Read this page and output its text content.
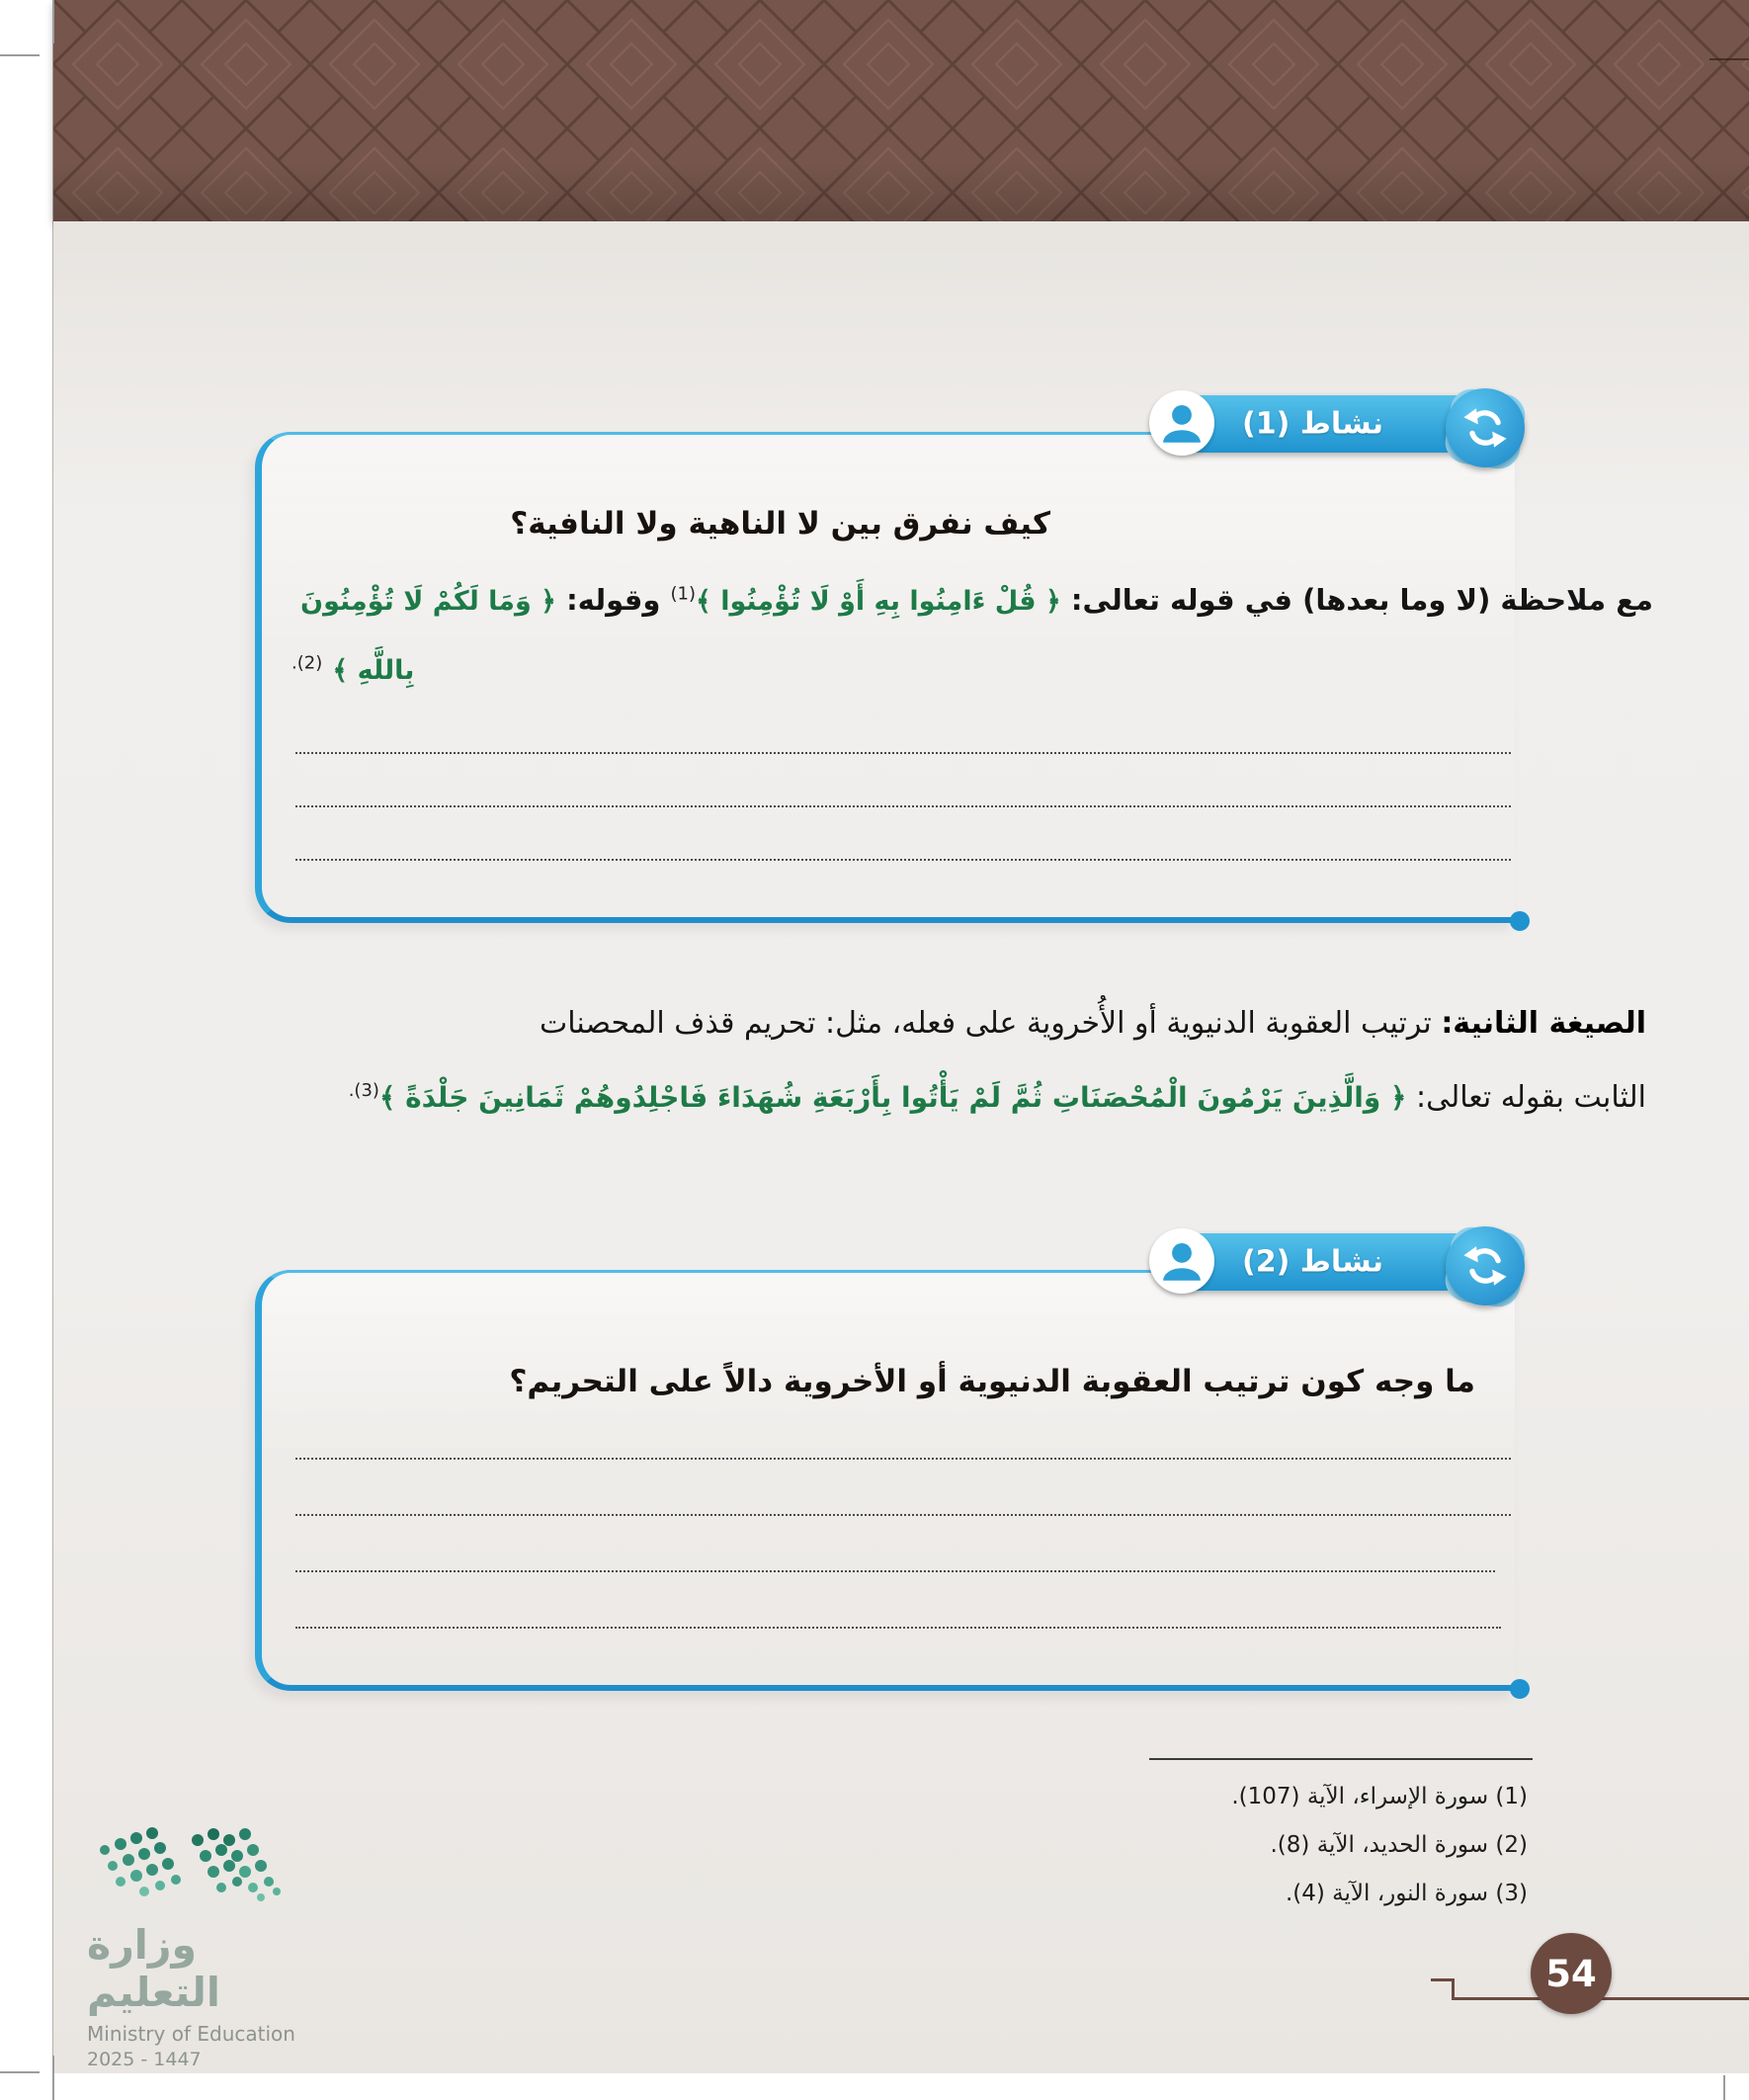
نشاط (1)
كيف نفرق بين لا الناهية ولا النافية؟
مع ملاحظة (لا وما بعدها) في قوله تعالى: ﴿ قُلْ ءَامِنُوا بِهِ أَوْ لَا تُؤْمِنُوا ﴾$^{(1)}$ وقوله: ﴿ وَمَا لَكُمْ لَا تُؤْمِنُونَ
بِاللَّهِ ﴾ $^{(2).}$
الصيغة الثانية: ترتيب العقوبة الدنيوية أو الأُخروية على فعله، مثل: تحريم قذف المحصنات
الثابت بقوله تعالى: ﴿ وَالَّذِينَ يَرْمُونَ الْمُحْصَنَاتِ ثُمَّ لَمْ يَأْتُوا بِأَرْبَعَةِ شُهَدَاءَ فَاجْلِدُوهُمْ ثَمَانِينَ جَلْدَةً ﴾$^{(3).}$
نشاط (2)
ما وجه كون ترتيب العقوبة الدنيوية أو الأخروية دالاً على التحريم؟
(1) سورة الإسراء، الآية (107).
(2) سورة الحديد، الآية (8).
(3) سورة النور، الآية (4).
وزارة التعليم
Ministry of Education
2025 - 1447
54
